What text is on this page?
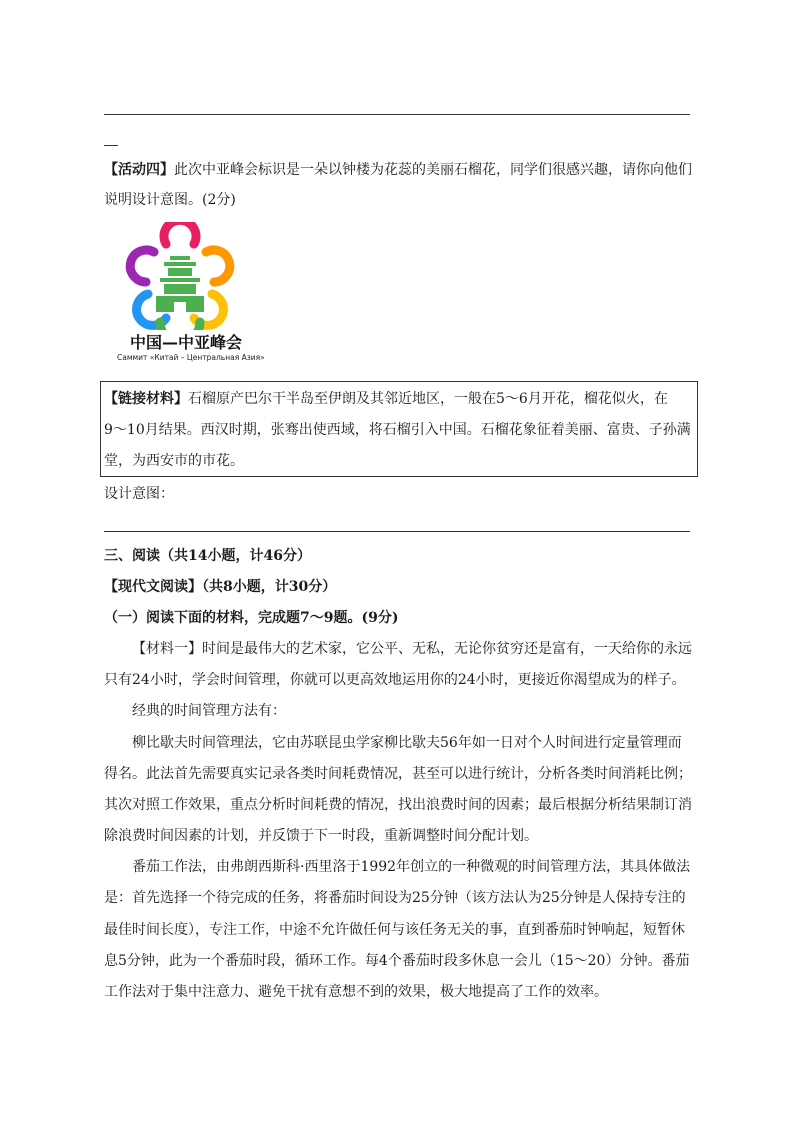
【活动四】此次中亚峰会标识是一朵以钟楼为花蕊的美丽石榴花，同学们很感兴趣，请你向他们
说明设计意图。(2分)
中国—中亚峰会
Саммит «Китай – Центральная Азия»
【链接材料】石榴原产巴尔干半岛至伊朗及其邻近地区，一般在5～6月开花，榴花似火，在
9～10月结果。西汉时期，张骞出使西域，将石榴引入中国。石榴花象征着美丽、富贵、子孙满
堂，为西安市的市花。
设计意图：
三、阅读（共14小题，计46分）
【现代文阅读】（共8小题，计30分）
（一）阅读下面的材料，完成题7～9题。(9分)
【材料一】时间是最伟大的艺术家，它公平、无私，无论你贫穷还是富有，一天给你的永远
只有24小时，学会时间管理，你就可以更高效地运用你的24小时，更接近你渴望成为的样子。
经典的时间管理方法有：
柳比歇夫时间管理法，它由苏联昆虫学家柳比歇夫56年如一日对个人时间进行定量管理而
得名。此法首先需要真实记录各类时间耗费情况，甚至可以进行统计，分析各类时间消耗比例；
其次对照工作效果，重点分析时间耗费的情况，找出浪费时间的因素；最后根据分析结果制订消
除浪费时间因素的计划，并反馈于下一时段，重新调整时间分配计划。
番茄工作法，由弗朗西斯科·西里洛于1992年创立的一种微观的时间管理方法，其具体做法
是：首先选择一个待完成的任务，将番茄时间设为25分钟（该方法认为25分钟是人保持专注的
最佳时间长度），专注工作，中途不允许做任何与该任务无关的事，直到番茄时钟响起，短暂休
息5分钟，此为一个番茄时段，循环工作。每4个番茄时段多休息一会儿（15～20）分钟。番茄
工作法对于集中注意力、避免干扰有意想不到的效果，极大地提高了工作的效率。
